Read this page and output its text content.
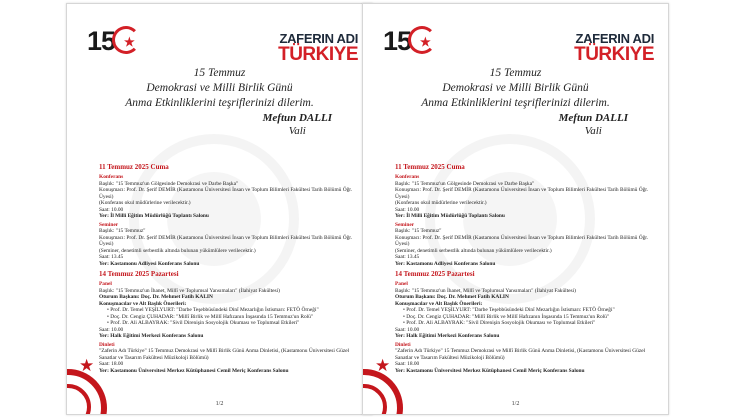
15 ★	ZAFERIN ADI
TÜRKIYE
15 Temmuz
Demokrasi ve Milli Birlik Günü
Anma Etkinliklerini teşriflerinizi dilerim.
Meftun DALLI
Vali
11 Temmuz 2025 Cuma
Konferans
Başlık: "15 Temmuz'un Gölgesinde Demokrasi ve Darbe Başka"
Konuşmacı: Prof. Dr. Şerif DEMİR (Kastamonu Üniversitesi İnsan ve Toplum Bilimleri Fakültesi Tarih Bölümü Öğr. Üyesi)
(Konferans okul müdürlerine verilecektir.)
Saat: 10.00
Yer: İl Milli Eğitim Müdürlüğü Toplantı Salonu
Seminer
Başlık: "15 Temmuz"
Konuşmacı: Prof. Dr. Şerif DEMİR (Kastamonu Üniversitesi İnsan ve Toplum Bilimleri Fakültesi Tarih Bölümü Öğr. Üyesi)
(Seminer, denetimli serbestlik altında bulunan yükümlülere verilecektir.)
Saat: 13.45
Yer: Kastamonu Adliyesi Konferans Salonu
14 Temmuz 2025 Pazartesi
Panel
Başlık: "15 Temmuz'un İhanet, Millî ve Toplumsal Yansımaları" (İlahiyat Fakültesi)
Oturum Başkanı: Doç. Dr. Mehmet Fatih KALIN
Konuşmacılar ve Alt Başlık Önerileri:
• Prof. Dr. Temel YEŞİLYURT: "Darbe Teşebbüsündeki Dinî Mezarlığın İstismarı: FETÖ Örneği"
• Doç. Dr. Cengiz ÇUHADAR: "Millî Birlik ve Millî Hafızanın İnşasında 15 Temmuz'un Rolü"
• Prof. Dr. Ali ALBAYRAK: "Sivil Direnişin Sosyolojik Okuması ve Toplumsal Etkileri"
Saat: 10.00
Yer: Halk Eğitimi Merkezi Konferans Salonu
Dinleti
"Zaferin Adı Türkiye" 15 Temmuz Demokrasi ve Millî Birlik Günü Anma Dinletisi, (Kastamonu Üniversitesi Güzel Sanatlar ve Tasarım Fakültesi Müzikoloji Bölümü)
Saat: 18.00
Yer: Kastamonu Üniversitesi Merkez Kütüphanesi Cemil Meriç Konferans Salonu
★
1/2
15 ★	ZAFERIN ADI
TÜRKIYE
15 Temmuz
Demokrasi ve Milli Birlik Günü
Anma Etkinliklerini teşriflerinizi dilerim.
Meftun DALLI
Vali
11 Temmuz 2025 Cuma
Konferans
Başlık: "15 Temmuz'un Gölgesinde Demokrasi ve Darbe Başka"
Konuşmacı: Prof. Dr. Şerif DEMİR (Kastamonu Üniversitesi İnsan ve Toplum Bilimleri Fakültesi Tarih Bölümü Öğr. Üyesi)
(Konferans okul müdürlerine verilecektir.)
Saat: 10.00
Yer: İl Milli Eğitim Müdürlüğü Toplantı Salonu
Seminer
Başlık: "15 Temmuz"
Konuşmacı: Prof. Dr. Şerif DEMİR (Kastamonu Üniversitesi İnsan ve Toplum Bilimleri Fakültesi Tarih Bölümü Öğr. Üyesi)
(Seminer, denetimli serbestlik altında bulunan yükümlülere verilecektir.)
Saat: 13.45
Yer: Kastamonu Adliyesi Konferans Salonu
14 Temmuz 2025 Pazartesi
Panel
Başlık: "15 Temmuz'un İhanet, Millî ve Toplumsal Yansımaları" (İlahiyat Fakültesi)
Oturum Başkanı: Doç. Dr. Mehmet Fatih KALIN
Konuşmacılar ve Alt Başlık Önerileri:
• Prof. Dr. Temel YEŞİLYURT: "Darbe Teşebbüsündeki Dinî Mezarlığın İstismarı: FETÖ Örneği"
• Doç. Dr. Cengiz ÇUHADAR: "Millî Birlik ve Millî Hafızanın İnşasında 15 Temmuz'un Rolü"
• Prof. Dr. Ali ALBAYRAK: "Sivil Direnişin Sosyolojik Okuması ve Toplumsal Etkileri"
Saat: 10.00
Yer: Halk Eğitimi Merkezi Konferans Salonu
Dinleti
"Zaferin Adı Türkiye" 15 Temmuz Demokrasi ve Millî Birlik Günü Anma Dinletisi, (Kastamonu Üniversitesi Güzel Sanatlar ve Tasarım Fakültesi Müzikoloji Bölümü)
Saat: 18.00
Yer: Kastamonu Üniversitesi Merkez Kütüphanesi Cemil Meriç Konferans Salonu
★
1/2
